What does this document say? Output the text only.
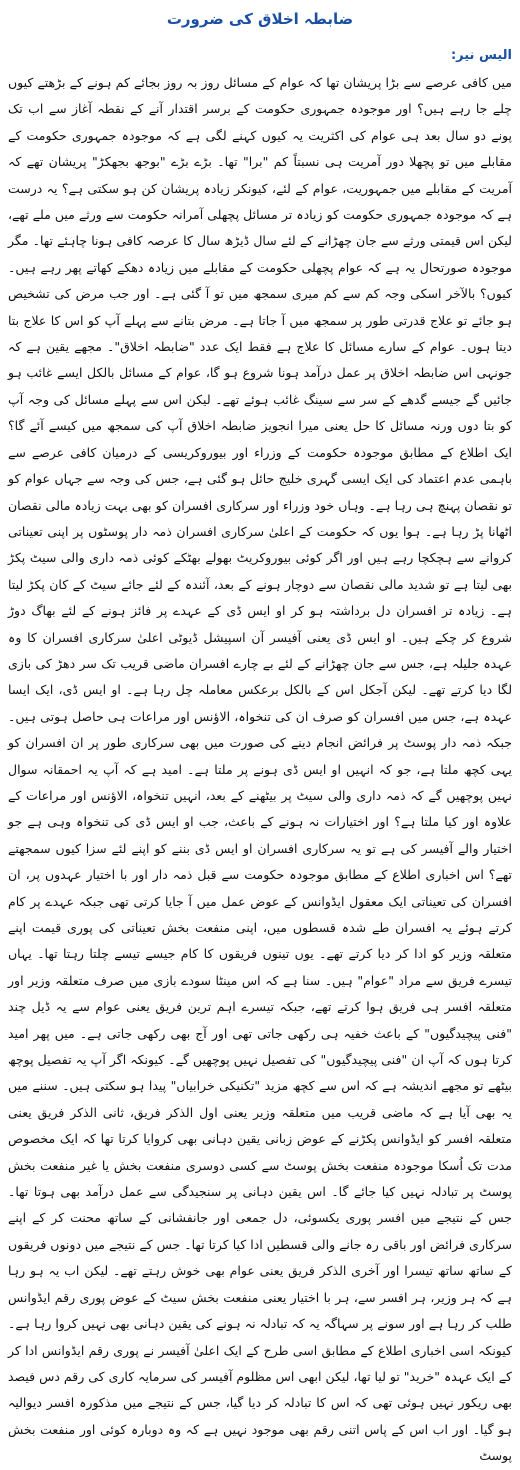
ضابطہ اخلاق کی ضرورت
الیس نیر:

میں کافی عرصے سے بڑا پریشان تھا کہ عوام کے مسائل روز بہ روز بجائے کم ہونے کے بڑھتے کیوں چلے جا رہے ہیں؟ اور موجودہ جمہوری حکومت کے برسر اقتدار آنے کے نقطہ آغاز سے اب تک پونے دو سال بعد ہی عوام کی اکثریت یہ کیوں کہنے لگی ہے کہ موجودہ جمہوری حکومت کے مقابلے میں تو پچھلا دور آمریت ہی نسبتاً کم "برا" تھا۔ بڑے بڑے "بوجھ بجھکڑ" پریشان تھے کہ آمریت کے مقابلے میں جمہوریت، عوام کے لئے، کیونکر زیادہ پریشان کن ہو سکتی ہے؟ یہ درست ہے کہ موجودہ جمہوری حکومت کو زیادہ تر مسائل پچھلی آمرانہ حکومت سے ورثے میں ملے تھے، لیکن اس قیمتی ورثے سے جان چھڑانے کے لئے سال ڈیڑھ سال کا عرصہ کافی ہونا چاہئے تھا۔ مگر موجودہ صورتحال یہ ہے کہ عوام پچھلی حکومت کے مقابلے میں زیادہ دھکے کھاتے پھر رہے ہیں۔ کیوں؟ بالآخر اسکی وجہ کم سے کم میری سمجھ میں تو آ گئی ہے۔ اور جب مرض کی تشخیص ہو جائے تو علاج قدرتی طور پر سمجھ میں آ جاتا ہے۔ مرض بتانے سے پہلے آپ کو اس کا علاج بتا دیتا ہوں۔ عوام کے سارے مسائل کا علاج ہے فقط ایک عدد "ضابطہ اخلاق"۔ مجھے یقین ہے کہ جونہی اس ضابطہ اخلاق پر عمل درآمد ہونا شروع ہو گا، عوام کے مسائل بالکل ایسے غائب ہو جائیں گے جیسے گدھے کے سر سے سینگ غائب ہوئے تھے۔ لیکن اس سے پہلے مسائل کی وجہ آپ کو بتا دوں ورنہ مسائل کا حل یعنی میرا انجویز ضابطہ اخلاق آپ کی سمجھ میں کیسے آئے گا؟ ایک اطلاع کے مطابق موجودہ حکومت کے وزراء اور بیوروکریسی کے درمیان کافی عرصے سے باہمی عدم اعتماد کی ایک ایسی گہری خلیج حائل ہو گئی ہے، جس کی وجہ سے جہاں عوام کو تو نقصان پہنچ ہی رہا ہے۔ وہاں خود وزراء اور سرکاری افسران کو بھی بہت زیادہ مالی نقصان اٹھانا پڑ رہا ہے۔ ہوا یوں کہ حکومت کے اعلیٰ سرکاری افسران ذمہ دار پوسٹوں پر اپنی تعیناتی کروانے سے ہچکچا رہے ہیں اور اگر کوئی بیوروکریٹ بھولے بھٹکے کوئی ذمہ داری والی سیٹ پکڑ بھی لیتا ہے تو شدید مالی نقصان سے دوچار ہونے کے بعد، آئندہ کے لئے جائے سیٹ کے کان پکڑ لیتا ہے۔ زیادہ تر افسران دل برداشتہ ہو کر او ایس ڈی کے عہدے پر فائز ہونے کے لئے بھاگ دوڑ شروع کر چکے ہیں۔ او ایس ڈی یعنی آفیسر آن اسپیشل ڈیوٹی اعلیٰ سرکاری افسران کا وہ عہدہ جلیلہ ہے، جس سے جان چھڑانے کے لئے بے چارے افسران ماضی قریب تک سر دھڑ کی بازی لگا دیا کرتے تھے۔ لیکن آجکل اس کے بالکل برعکس معاملہ چل رہا ہے۔ او ایس ڈی، ایک ایسا عہدہ ہے، جس میں افسران کو صرف ان کی تنخواہ، الاؤنس اور مراعات ہی حاصل ہوتی ہیں۔ جبکہ ذمہ دار پوسٹ پر فرائض انجام دینے کی صورت میں بھی سرکاری طور پر ان افسران کو یہی کچھ ملتا ہے، جو کہ انہیں او ایس ڈی ہونے پر ملتا ہے۔ امید ہے کہ آپ یہ احمقانہ سوال نہیں پوچھیں گے کہ ذمہ داری والی سیٹ پر بیٹھنے کے بعد، انہیں تنخواہ، الاؤنس اور مراعات کے علاوہ اور کیا ملتا ہے؟ اور اختیارات نہ ہونے کے باعث، جب او ایس ڈی کی تنخواہ وہی ہے جو اختیار والے آفیسر کی ہے تو یہ سرکاری افسران او ایس ڈی بننے کو اپنے لئے سزا کیوں سمجھتے تھے؟ اس اخباری اطلاع کے مطابق موجودہ حکومت سے قبل ذمہ دار اور با اختیار عہدوں پر، ان افسران کی تعیناتی ایک معقول ایڈوانس کے عوض عمل میں آ جایا کرتی تھی جبکہ عہدے پر کام کرتے ہوئے یہ افسران طے شدہ قسطوں میں، اپنی منفعت بخش تعیناتی کی پوری قیمت اپنے متعلقہ وزیر کو ادا کر دیا کرتے تھے۔ یوں تینوں فریقوں کا کام جیسے تیسے چلتا رہتا تھا۔ یہاں تیسرے فریق سے مراد "عوام" ہیں۔ سنا ہے کہ اس مینٹا سودے بازی میں صرف متعلقہ وزیر اور متعلقہ افسر ہی فریق ہوا کرتے تھے، جبکہ تیسرے اہم ترین فریق یعنی عوام سے یہ ڈیل چند "فنی پیچیدگیوں" کے باعث خفیہ ہی رکھی جاتی تھی اور آج بھی رکھی جاتی ہے۔ میں پھر امید کرتا ہوں کہ آپ ان "فنی پیچیدگیوں" کی تفصیل نہیں پوچھیں گے۔ کیونکہ اگر آپ یہ تفصیل پوچھ بیٹھے تو مجھے اندیشہ ہے کہ اس سے کچھ مزید "تکنیکی خرابیاں" پیدا ہو سکتی ہیں۔ سننے میں یہ بھی آیا ہے کہ ماضی قریب میں متعلقہ وزیر یعنی اول الذکر فریق، ثانی الذکر فریق یعنی متعلقہ افسر کو ایڈوانس پکڑنے کے عوض زبانی یقین دہانی بھی کروایا کرتا تھا کہ ایک مخصوص مدت تک اُسکا موجودہ منفعت بخش پوسٹ سے کسی دوسری منفعت بخش یا غیر منفعت بخش پوسٹ پر تبادلہ نہیں کیا جائے گا۔ اس یقین دہانی پر سنجیدگی سے عمل درآمد بھی ہوتا تھا۔ جس کے نتیجے میں افسر پوری یکسوئی، دل جمعی اور جانفشانی کے ساتھ محنت کر کے اپنے سرکاری فرائض اور باقی رہ جانے والی قسطیں ادا کیا کرتا تھا۔ جس کے نتیجے میں دونوں فریقوں کے ساتھ ساتھ تیسرا اور آخری الذکر فریق یعنی عوام بھی خوش رہتے تھے۔ لیکن اب یہ ہو رہا ہے کہ ہر وزیر، ہر افسر سے، ہر با اختیار یعنی منفعت بخش سیٹ کے عوض پوری رقم ایڈوانس طلب کر رہا ہے اور سونے پر سہاگہ یہ کہ تبادلہ نہ ہونے کی یقین دہانی بھی نہیں کروا رہا ہے۔ کیونکہ اسی اخباری اطلاع کے مطابق اسی طرح کے ایک اعلیٰ آفیسر نے پوری رقم ایڈوانس ادا کر کے ایک عہدہ "خرید" تو لیا تھا، لیکن ابھی اس مظلوم آفیسر کی سرمایہ کاری کی رقم دس فیصد بھی ریکور نہیں ہوئی تھی کہ اس کا تبادلہ کر دیا گیا، جس کے نتیجے میں مذکورہ افسر دیوالیہ ہو گیا۔ اور اب اس کے پاس اتنی رقم بھی موجود نہیں ہے کہ وہ دوبارہ کوئی اور منفعت بخش پوسٹ
